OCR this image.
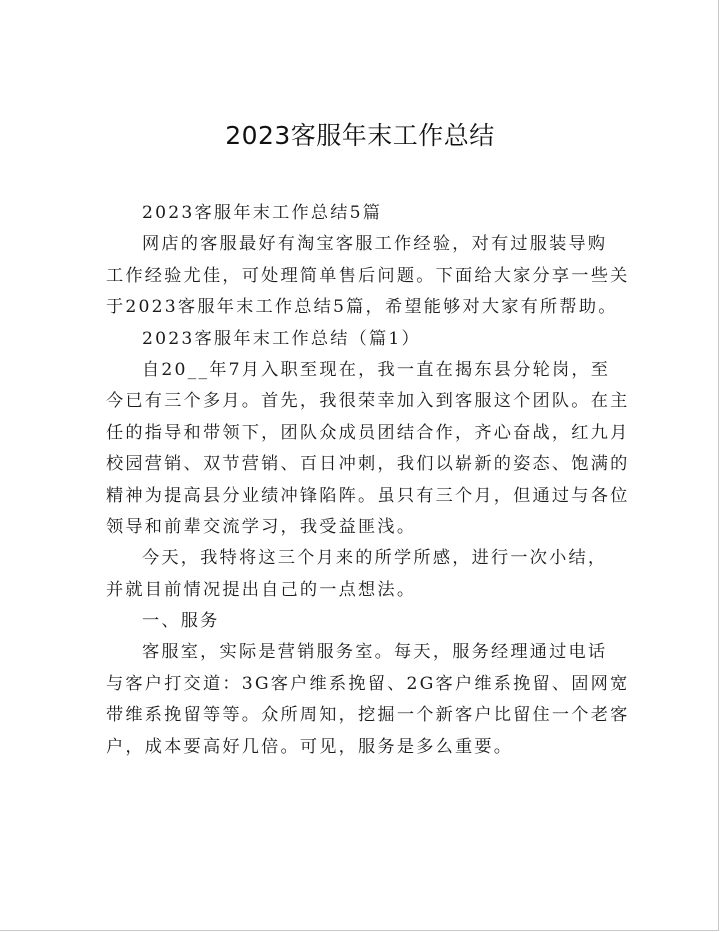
2023客服年末工作总结
2023客服年末工作总结5篇
网店的客服最好有淘宝客服工作经验，对有过服装导购
工作经验尤佳，可处理简单售后问题。下面给大家分享一些关
于2023客服年末工作总结5篇，希望能够对大家有所帮助。
2023客服年末工作总结（篇1）
自20__年7月入职至现在，我一直在揭东县分轮岗，至
今已有三个多月。首先，我很荣幸加入到客服这个团队。在主
任的指导和带领下，团队众成员团结合作，齐心奋战，红九月
校园营销、双节营销、百日冲刺，我们以崭新的姿态、饱满的
精神为提高县分业绩冲锋陷阵。虽只有三个月，但通过与各位
领导和前辈交流学习，我受益匪浅。
今天，我特将这三个月来的所学所感，进行一次小结，
并就目前情况提出自己的一点想法。
一、服务
客服室，实际是营销服务室。每天，服务经理通过电话
与客户打交道：3G客户维系挽留、2G客户维系挽留、固网宽
带维系挽留等等。众所周知，挖掘一个新客户比留住一个老客
户，成本要高好几倍。可见，服务是多么重要。
